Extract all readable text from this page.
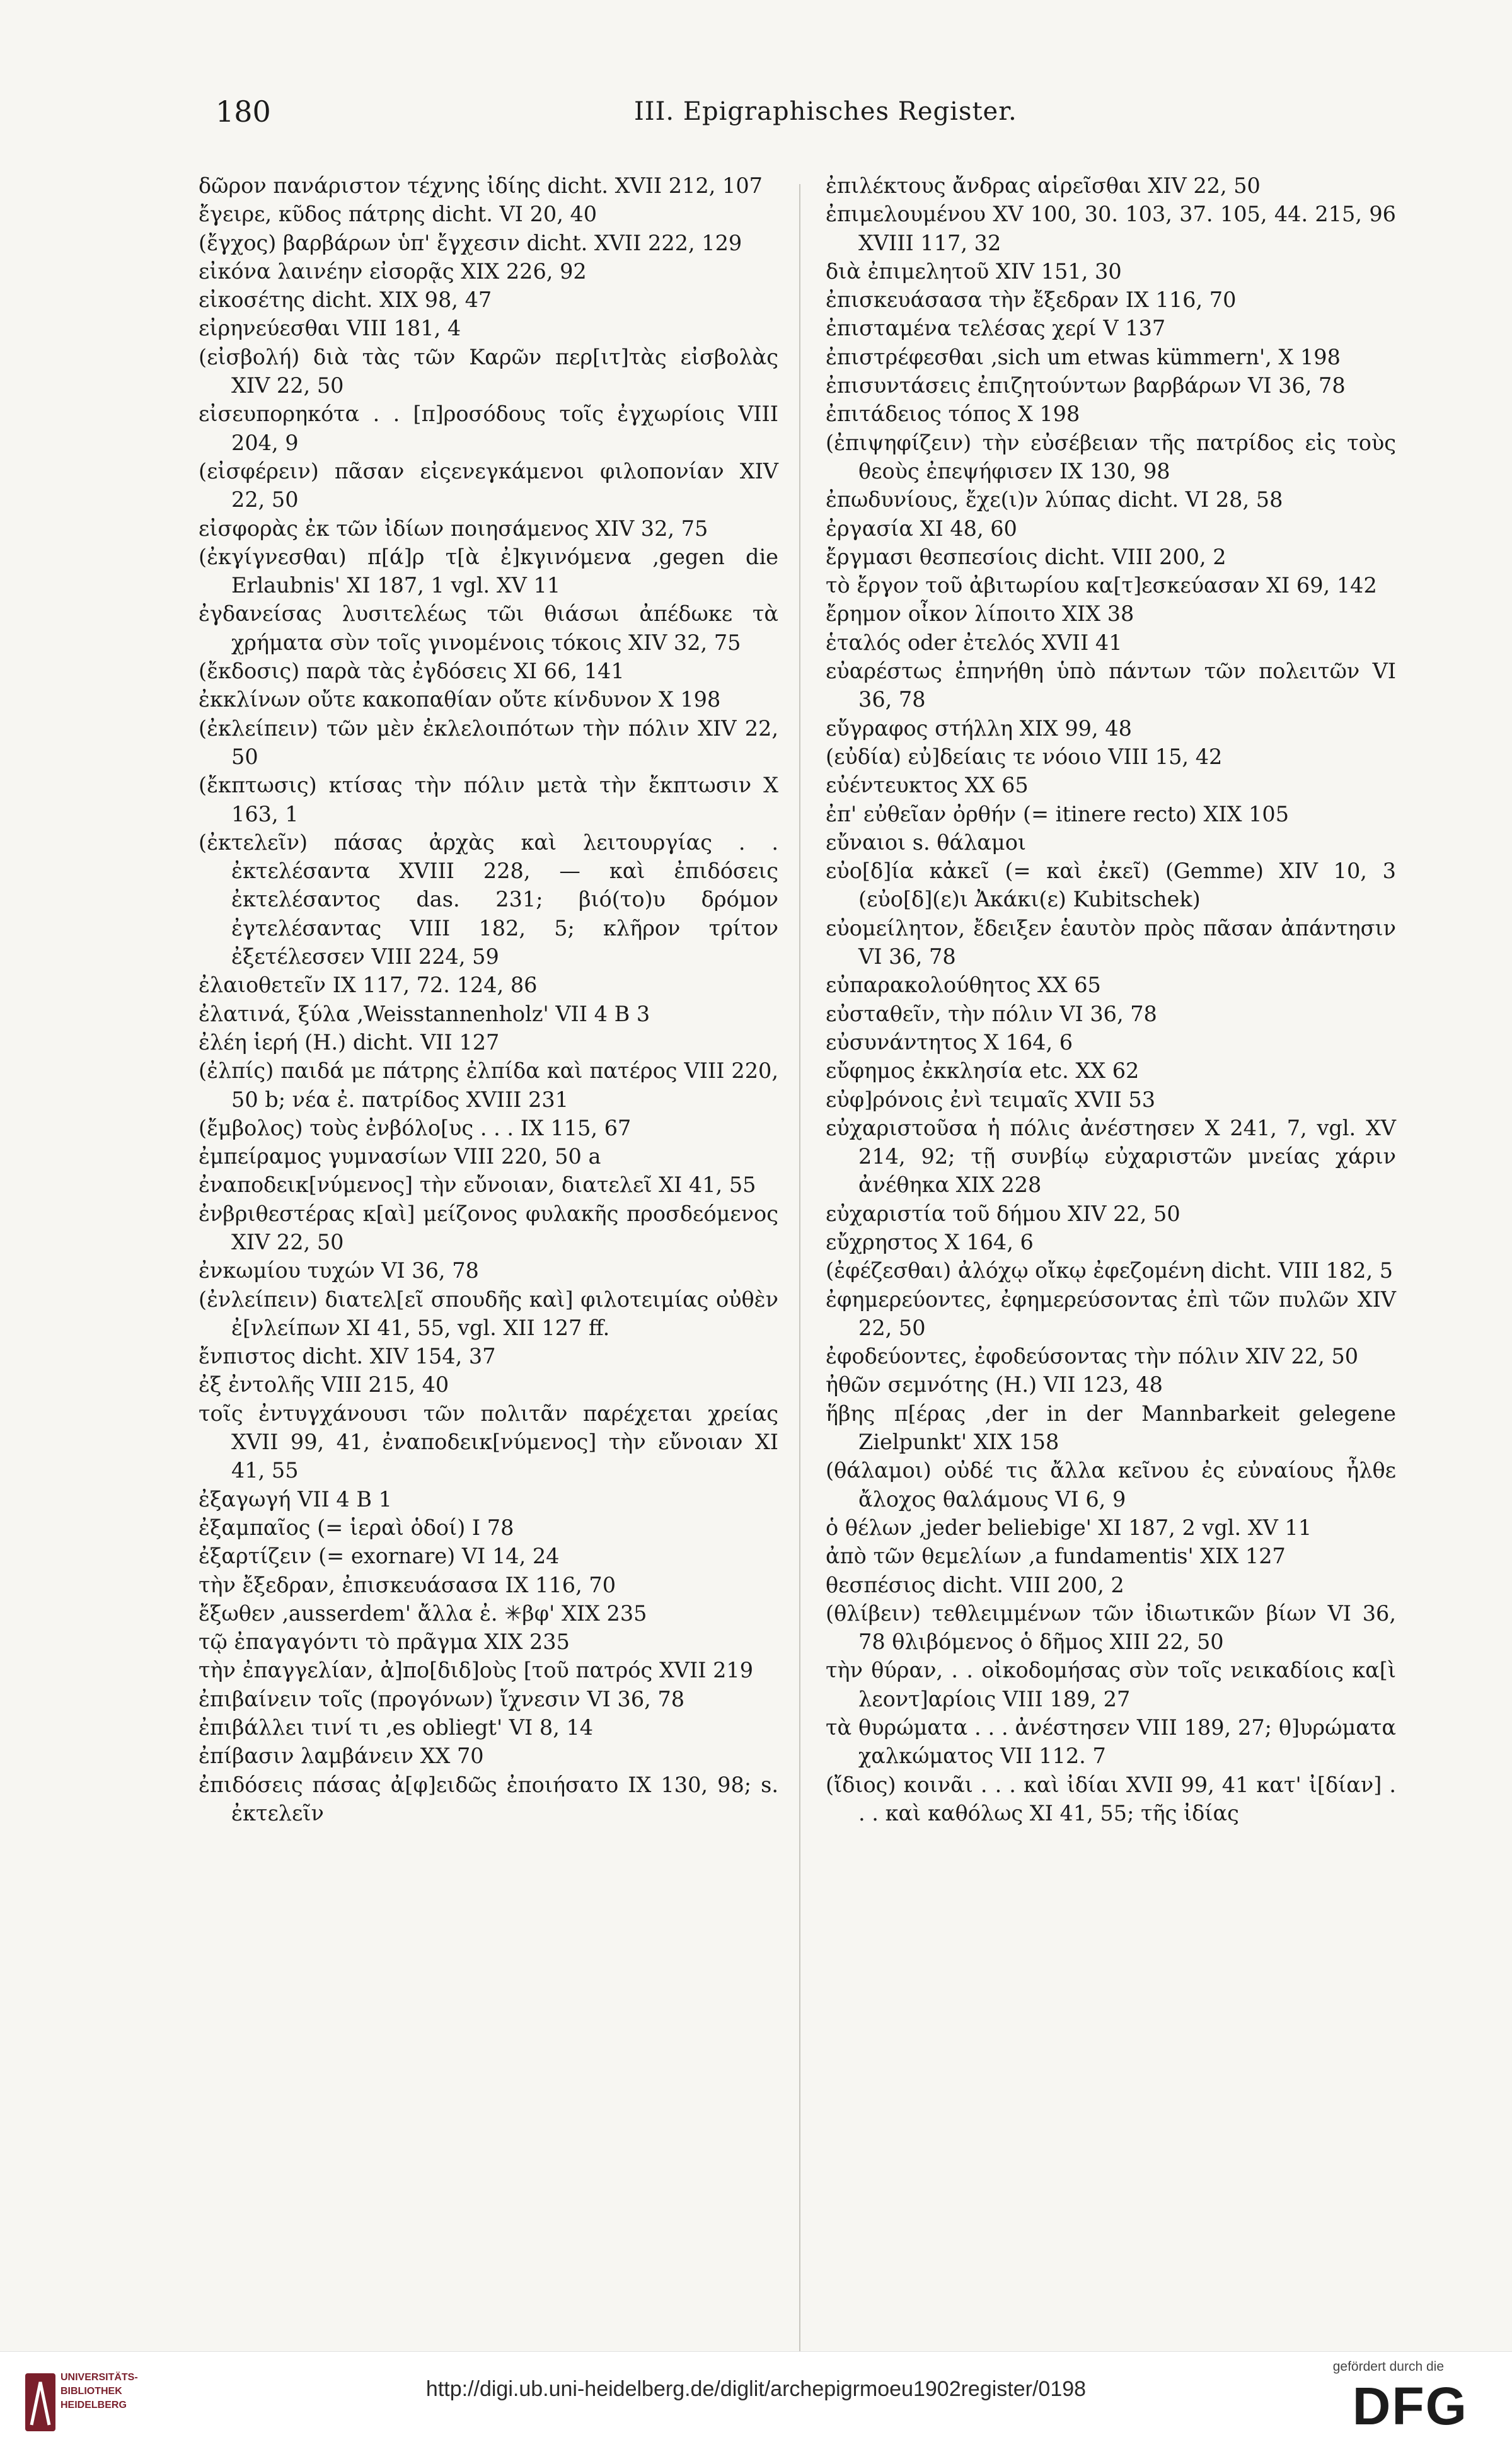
180	III. Epigraphisches Register.

δῶρον πανάριστον τέχνης ἰδίης dicht. XVII 212, 107

ἔγειρε, κῦδος πάτρης dicht. VI 20, 40

(ἔγχος) βαρβάρων ὑπ' ἔγχεσιν dicht. XVII 222, 129

εἰκόνα λαινέην εἰσορᾷς XIX 226, 92

εἰκοσέτης dicht. XIX 98, 47

εἰρηνεύεσθαι VIII 181, 4

(εἰσβολή) διὰ τὰς τῶν Καρῶν περ[ιτ]τὰς εἰσβολὰς XIV 22, 50

εἰσευπορηκότα . . [π]ροσόδους τοῖς ἐγχωρίοις VIII 204, 9

(εἰσφέρειν) πᾶσαν εἰςενεγκάμενοι φιλοπονίαν XIV 22, 50

εἰσφορὰς ἐκ τῶν ἰδίων ποιησάμενος XIV 32, 75

(ἐκγίγνεσθαι) π[ά]ρ τ[ὰ ἐ]κγινόμενα ‚gegen die Erlaubnis' XI 187, 1 vgl. XV 11

ἐγδανείσας λυσιτελέως τῶι θιάσωι ἀπέδωκε τὰ χρήματα σὺν τοῖς γινομένοις τόκοις XIV 32, 75

(ἔκδοσις) παρὰ τὰς ἐγδόσεις XI 66, 141

ἐκκλίνων οὔτε κακοπαθίαν οὔτε κίνδυνον X 198

(ἐκλείπειν) τῶν μὲν ἐκλελοιπότων τὴν πόλιν XIV 22, 50

(ἔκπτωσις) κτίσας τὴν πόλιν μετὰ τὴν ἔκπτωσιν X 163, 1

(ἐκτελεῖν) πάσας ἀρχὰς καὶ λειτουργίας . . ἐκτελέσαντα XVIII 228, — καὶ ἐπιδόσεις ἐκτελέσαντος das. 231; βιό(το)υ δρόμον ἐγτελέσαντας VIII 182, 5; κλῆρον τρίτον ἐξετέλεσσεν VIII 224, 59

ἐλαιοθετεῖν IX 117, 72. 124, 86

ἐλατινά, ξύλα ‚Weisstannenholz' VII 4 B 3

ἐλέη ἱερή (H.) dicht. VII 127

(ἐλπίς) παιδά με πάτρης ἐλπίδα καὶ πατέρος VIII 220, 50 b; νέα ἐ. πατρίδος XVIII 231

(ἔμβολος) τοὺς ἐνβόλο[υς . . . IX 115, 67

ἐμπείραμος γυμνασίων VIII 220, 50 a

ἐναποδεικ[νύμενος] τὴν εὔνοιαν, διατελεῖ XI 41, 55

ἐνβριθεστέρας κ[αὶ] μείζονος φυλακῆς προσδεόμενος XIV 22, 50

ἐνκωμίου τυχών VI 36, 78

(ἐνλείπειν) διατελ[εῖ σπουδῆς καὶ] φιλοτειμίας οὐθὲν ἐ[νλείπων XI 41, 55, vgl. XII 127 ff.

ἔνπιστος dicht. XIV 154, 37

ἐξ ἐντολῆς VIII 215, 40

τοῖς ἐντυγχάνουσι τῶν πολιτᾶν παρέχεται χρείας XVII 99, 41, ἐναποδεικ[νύμενος] τὴν εὔνοιαν XI 41, 55

ἐξαγωγή VII 4 B 1

ἐξαμπαῖος (= ἱεραὶ ὁδοί) I 78

ἐξαρτίζειν (= exornare) VI 14, 24

τὴν ἔξεδραν, ἐπισκευάσασα IX 116, 70

ἔξωθεν ‚ausserdem' ἄλλα ἐ. ✳βφ' XIX 235

τῷ ἐπαγαγόντι τὸ πρᾶγμα XIX 235

τὴν ἐπαγγελίαν, ἀ]πο[διδ]οὺς [τοῦ πατρός XVII 219

ἐπιβαίνειν τοῖς (προγόνων) ἴχνεσιν VI 36, 78

ἐπιβάλλει τινί τι ‚es obliegt' VI 8, 14

ἐπίβασιν λαμβάνειν XX 70

ἐπιδόσεις πάσας ἀ[φ]ειδῶς ἐποιήσατο IX 130, 98; s. ἐκτελεῖν

ἐπιλέκτους ἄνδρας αἱρεῖσθαι XIV 22, 50

ἐπιμελουμένου XV 100, 30. 103, 37. 105, 44. 215, 96 XVIII 117, 32

διὰ ἐπιμελητοῦ XIV 151, 30

ἐπισκευάσασα τὴν ἔξεδραν IX 116, 70

ἐπισταμένα τελέσας χερί V 137

ἐπιστρέφεσθαι ‚sich um etwas kümmern', X 198

ἐπισυντάσεις ἐπιζητούντων βαρβάρων VI 36, 78

ἐπιτάδειος τόπος X 198

(ἐπιψηφίζειν) τὴν εὐσέβειαν τῆς πατρίδος εἰς τοὺς θεοὺς ἐπεψήφισεν IX 130, 98

ἐπωδυνίους, ἔχε(ι)ν λύπας dicht. VI 28, 58

ἐργασία XI 48, 60

ἔργμασι θεσπεσίοις dicht. VIII 200, 2

τὸ ἔργον τοῦ ἀβιτωρίου κα[τ]εσκεύασαν XI 69, 142

ἔρημον οἶκον λίποιτο XIX 38

ἑταλός oder ἐτελός XVII 41

εὐαρέστως ἐπηνήθη ὑπὸ πάντων τῶν πολειτῶν VI 36, 78

εὔγραφος στήλλη XIX 99, 48

(εὐδία) εὐ]δείαις τε νόοιο VIII 15, 42

εὐέντευκτος XX 65

ἐπ' εὐθεῖαν ὀρθήν (= itinere recto) XIX 105

εὔναιοι s. θάλαμοι

εὐο[δ]ία κἀκεῖ (= καὶ ἐκεῖ) (Gemme) XIV 10, 3 (εὐο[δ](ε)ι Ἀκάκι(ε) Kubitschek)

εὐομείλητον, ἔδειξεν ἑαυτὸν πρὸς πᾶσαν ἀπάντησιν VI 36, 78

εὐπαρακολούθητος XX 65

εὐσταθεῖν, τὴν πόλιν VI 36, 78

εὐσυνάντητος X 164, 6

εὔφημος ἐκκλησία etc. XX 62

εὐφ]ρόνοις ἐνὶ τειμαῖς XVII 53

εὐχαριστοῦσα ἡ πόλις ἀνέστησεν X 241, 7, vgl. XV 214, 92; τῇ συνβίῳ εὐχαριστῶν μνείας χάριν ἀνέθηκα XIX 228

εὐχαριστία τοῦ δήμου XIV 22, 50

εὔχρηστος X 164, 6

(ἐφέζεσθαι) ἀλόχῳ οἴκῳ ἐφεζομένη dicht. VIII 182, 5

ἐφημερεύοντες, ἐφημερεύσοντας ἐπὶ τῶν πυλῶν XIV 22, 50

ἐφοδεύοντες, ἐφοδεύσοντας τὴν πόλιν XIV 22, 50

ἠθῶν σεμνότης (H.) VII 123, 48

ἥβης π[έρας ‚der in der Mannbarkeit gelegene Zielpunkt' XIX 158

(θάλαμοι) οὐδέ τις ἄλλα κεῖνου ἐς εὐναίους ἦλθε ἄλοχος θαλάμους VI 6, 9

ὁ θέλων ‚jeder beliebige' XI 187, 2 vgl. XV 11

ἀπὸ τῶν θεμελίων ‚a fundamentis' XIX 127

θεσπέσιος dicht. VIII 200, 2

(θλίβειν) τεθλειμμένων τῶν ἰδιωτικῶν βίων VI 36, 78 θλιβόμενος ὁ δῆμος XIII 22, 50

τὴν θύραν, . . οἰκοδομήσας σὺν τοῖς νεικαδίοις κα[ὶ λεοντ]αρίοις VIII 189, 27

τὰ θυρώματα . . . ἀνέστησεν VIII 189, 27; θ]υρώματα χαλκώματος VII 112. 7

(ἴδιος) κοινᾶι . . . καὶ ἰδίαι XVII 99, 41 κατ' ἰ[δίαν] . . . καὶ καθόλως XI 41, 55; τῆς ἰδίας

UNIVERSITÄTS-
BIBLIOTHEK
HEIDELBERG
http://digi.ub.uni-heidelberg.de/diglit/archepigrmoeu1902register/0198
gefördert durch die
DFG
